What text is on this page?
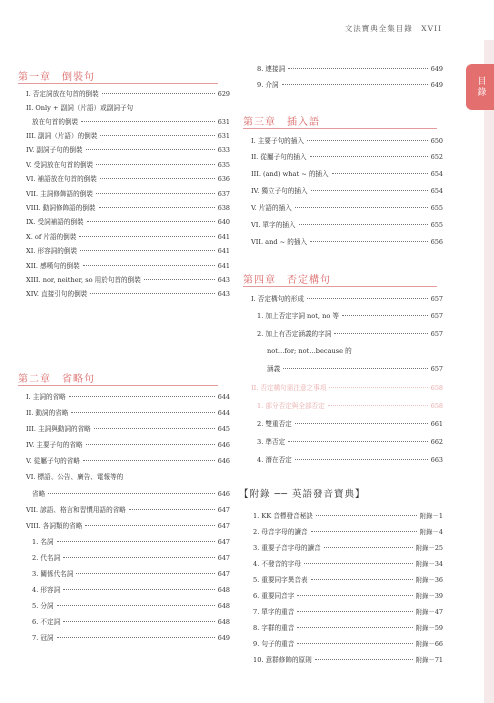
目錄
文法寶典全集目錄　XVII
第一章　倒裝句
I. 否定詞放在句首的倒裝	629
II. Only + 副詞（片語）或副詞子句
放在句首的倒裝	631
III. 副詞（片語）的倒裝	631
IV. 副詞子句的倒裝	633
V. 受詞放在句首的倒裝	635
VI. 補語放在句首的倒裝	636
VII. 主詞修飾語的倒裝	637
VIII. 動詞修飾語的倒裝	638
IX. 受詞補語的倒裝	640
X. of 片語的倒裝	641
XI. 形容詞的倒裝	641
XII. 感嘆句的倒裝	641
XIII. nor, neither, so 用於句首的倒裝	643
XIV. 直接引句的倒裝	643
第二章　省略句
I. 主詞的省略	644
II. 動詞的省略	644
III. 主詞與動詞的省略	645
IV. 主要子句的省略	646
V. 從屬子句的省略	646
VI. 標語、公告、廣告、電報等的
省略	646
VII. 諺語、格言和習慣用語的省略	647
VIII. 各詞類的省略	647
1. 名詞	647
2. 代名詞	647
3. 關係代名詞	647
4. 形容詞	648
5. 分詞	648
6. 不定詞	648
7. 冠詞	649
8. 連接詞	649
9. 介詞	649
第三章　插入語
I. 主要子句的插入	650
II. 從屬子句的插入	652
III. (and) what ~ 的插入	654
IV. 獨立子句的插入	654
V. 片語的插入	655
VI. 單字的插入	655
VII. and ~ 的插入	656
第四章　否定構句
I. 否定構句的形成	657
1. 加上否定字詞 not, no 等	657
2. 加上有否定涵義的字詞	657
not…for; not…because 的
涵義	657
II. 否定構句需注意之事項	658
1. 部分否定與全部否定	658
2. 雙重否定	661
3. 準否定	662
4. 潛在否定	663
【附錄 ── 英語發音寶典】
1. KK 音標發音秘訣	附錄－1
2. 母音字母的讀音	附錄－4
3. 重要子音字母的讀音	附錄－25
4. 不發音的字母	附錄－34
5. 重要同字異音表	附錄－36
6. 重要同音字	附錄－39
7. 單字的重音	附錄－47
8. 字群的重音	附錄－59
9. 句子的重音	附錄－66
10. 意群修飾的原則	附錄－71
